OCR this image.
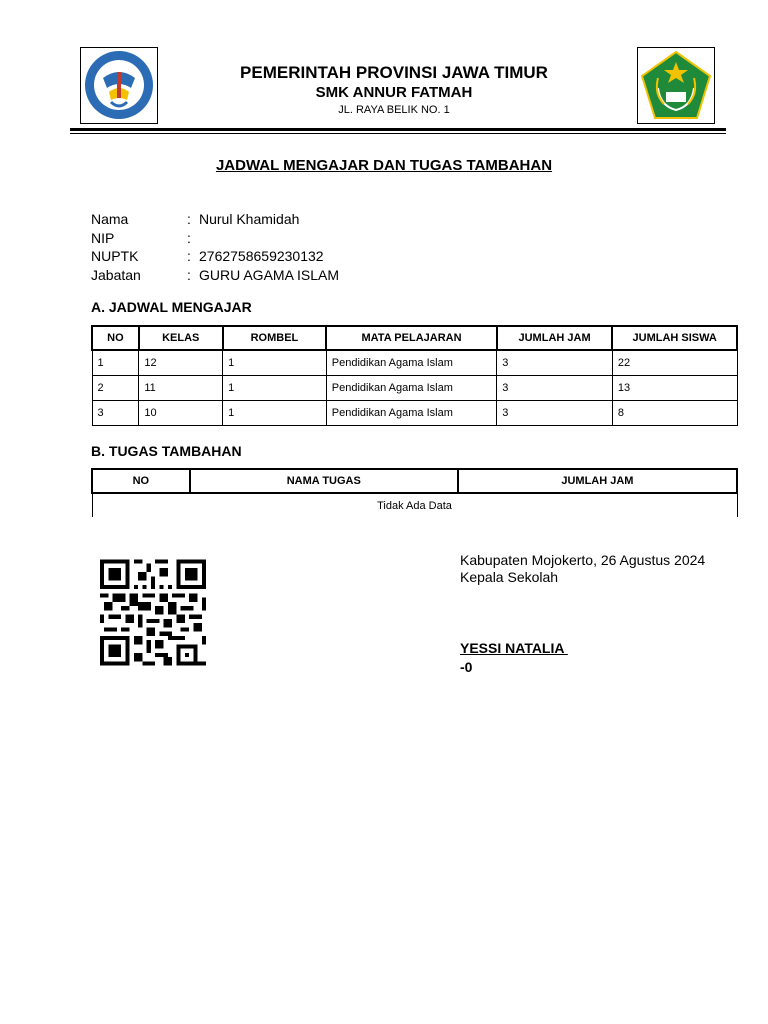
PEMERINTAH PROVINSI JAWA TIMUR
SMK ANNUR FATMAH
JL. RAYA BELIK NO. 1
JADWAL MENGAJAR DAN TUGAS TAMBAHAN
Nama	: Nurul Khamidah
NIP	:
NUPTK	: 2762758659230132
Jabatan	: GURU AGAMA ISLAM
A. JADWAL MENGAJAR
NO	KELAS	ROMBEL	MATA PELAJARAN	JUMLAH JAM	JUMLAH SISWA
1	12	1	Pendidikan Agama Islam	3	22
2	11	1	Pendidikan Agama Islam	3	13
3	10	1	Pendidikan Agama Islam	3	8
B. TUGAS TAMBAHAN
NO	NAMA TUGAS	JUMLAH JAM
Tidak Ada Data
Kabupaten Mojokerto, 26 Agustus 2024
Kepala Sekolah
YESSI NATALIA
-0
